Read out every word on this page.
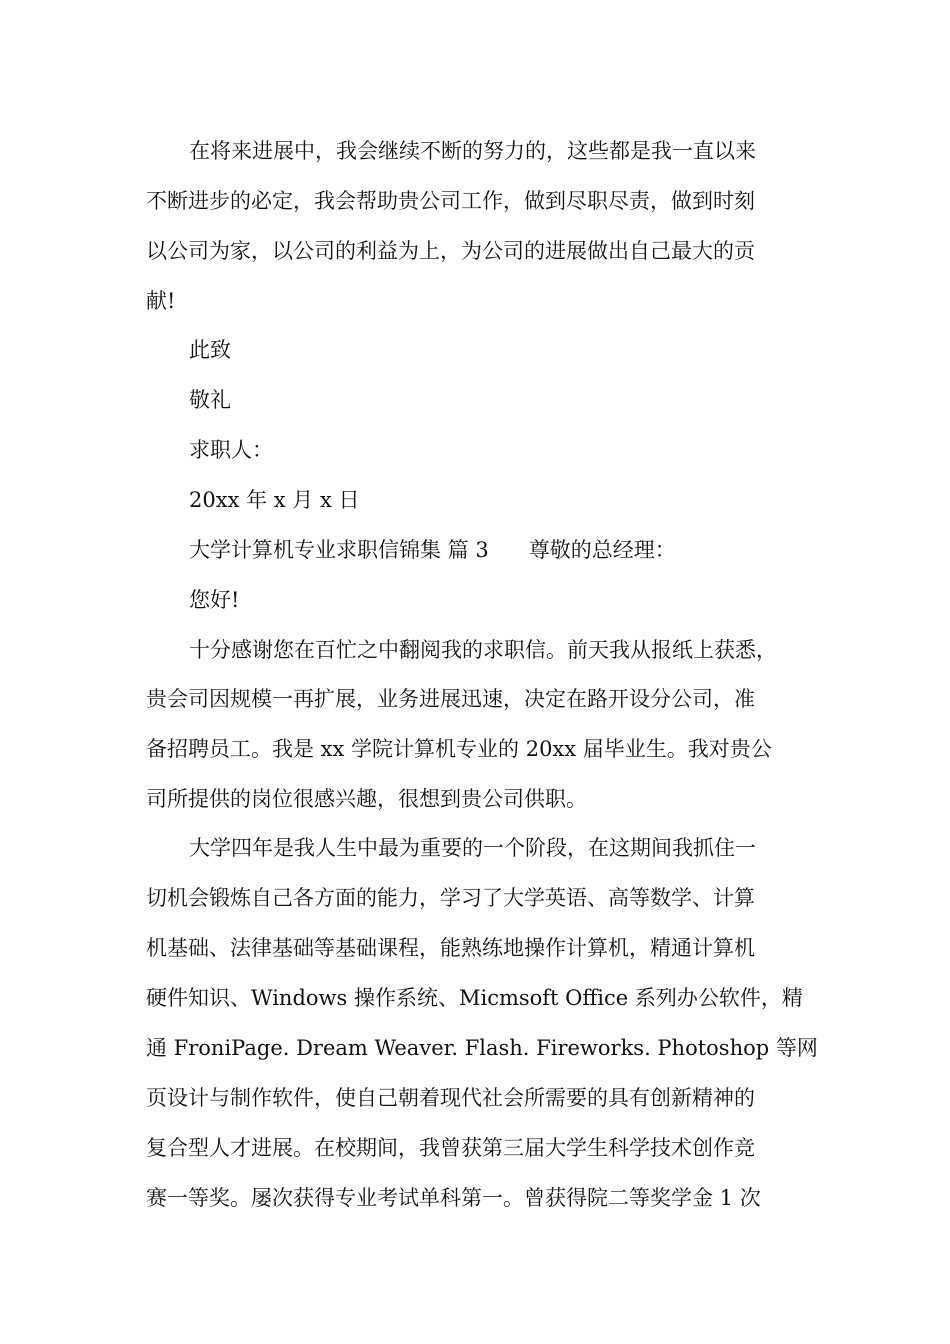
在将来进展中，我会继续不断的努力的，这些都是我一直以来
不断进步的必定，我会帮助贵公司工作，做到尽职尽责，做到时刻
以公司为家，以公司的利益为上，为公司的进展做出自己最大的贡
献!
此致
敬礼
求职人：
20xx 年 x 月 x 日
大学计算机专业求职信锦集 篇 3 尊敬的总经理：
您好!
十分感谢您在百忙之中翻阅我的求职信。前天我从报纸上获悉，
贵会司因规模一再扩展，业务进展迅速，决定在路开设分公司，准
备招聘员工。我是 xx 学院计算机专业的 20xx 届毕业生。我对贵公
司所提供的岗位很感兴趣，很想到贵公司供职。
大学四年是我人生中最为重要的一个阶段，在这期间我抓住一
切机会锻炼自己各方面的能力，学习了大学英语、高等数学、计算
机基础、法律基础等基础课程，能熟练地操作计算机，精通计算机
硬件知识、Windows 操作系统、Micmsoft Office 系列办公软件，精
通 FroniPage. Dream Weaver. Flash. Fireworks. Photoshop 等网
页设计与制作软件，使自己朝着现代社会所需要的具有创新精神的
复合型人才进展。在校期间，我曾获第三届大学生科学技术创作竞
赛一等奖。屡次获得专业考试单科第一。曾获得院二等奖学金 1 次
